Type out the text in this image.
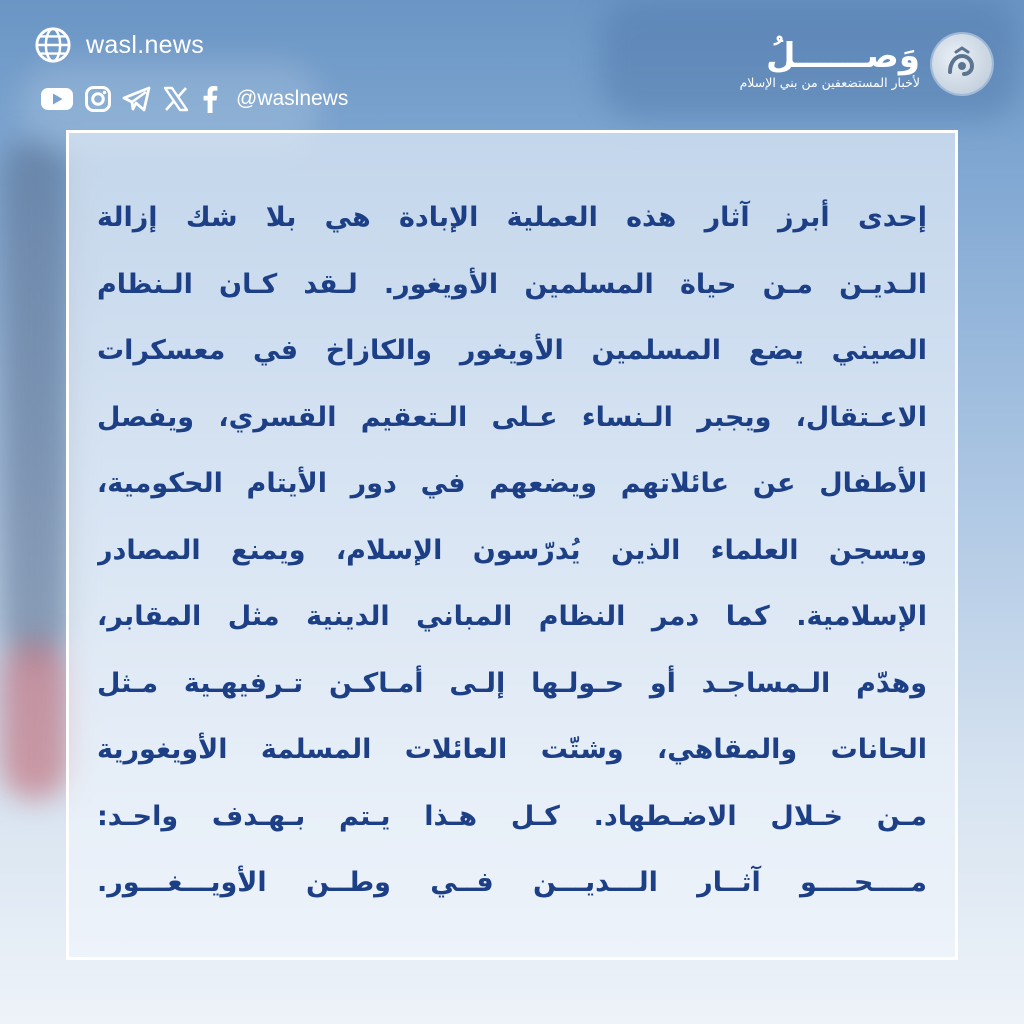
wasl.news
@waslnews
وَصــــــلُ
لأخبار المستضعفين من بني الإسلام

إحدى أبرز آثار هذه العملية الإبادة هي بلا شك إزالة
الـديـن مـن حياة المسلمين الأويغور. لـقد كـان الـنظام
الصيني يضع المسلمين الأويغور والكازاخ في معسكرات
الاعـتقال، ويجبر الـنساء عـلى الـتعقيم القسري، ويفصل
الأطفال عن عائلاتهم ويضعهم في دور الأيتام الحكومية،
ويسجن العلماء الذين يُدرّسون الإسلام، ويمنع المصادر
الإسلامية. كما دمر النظام المباني الدينية مثل المقابر،
وهدّم الـمساجـد أو حـولـها إلـى أمـاكـن تـرفيهـية مـثل
الحانات والمقاهي، وشتّت العائلات المسلمة الأويغورية
مـن خـلال الاضـطهاد. كـل هـذا يـتم بـهـدف واحـد:
مــــحــــو آثــار الـــديـــن فــي وطــن الأويـــغـــور.
